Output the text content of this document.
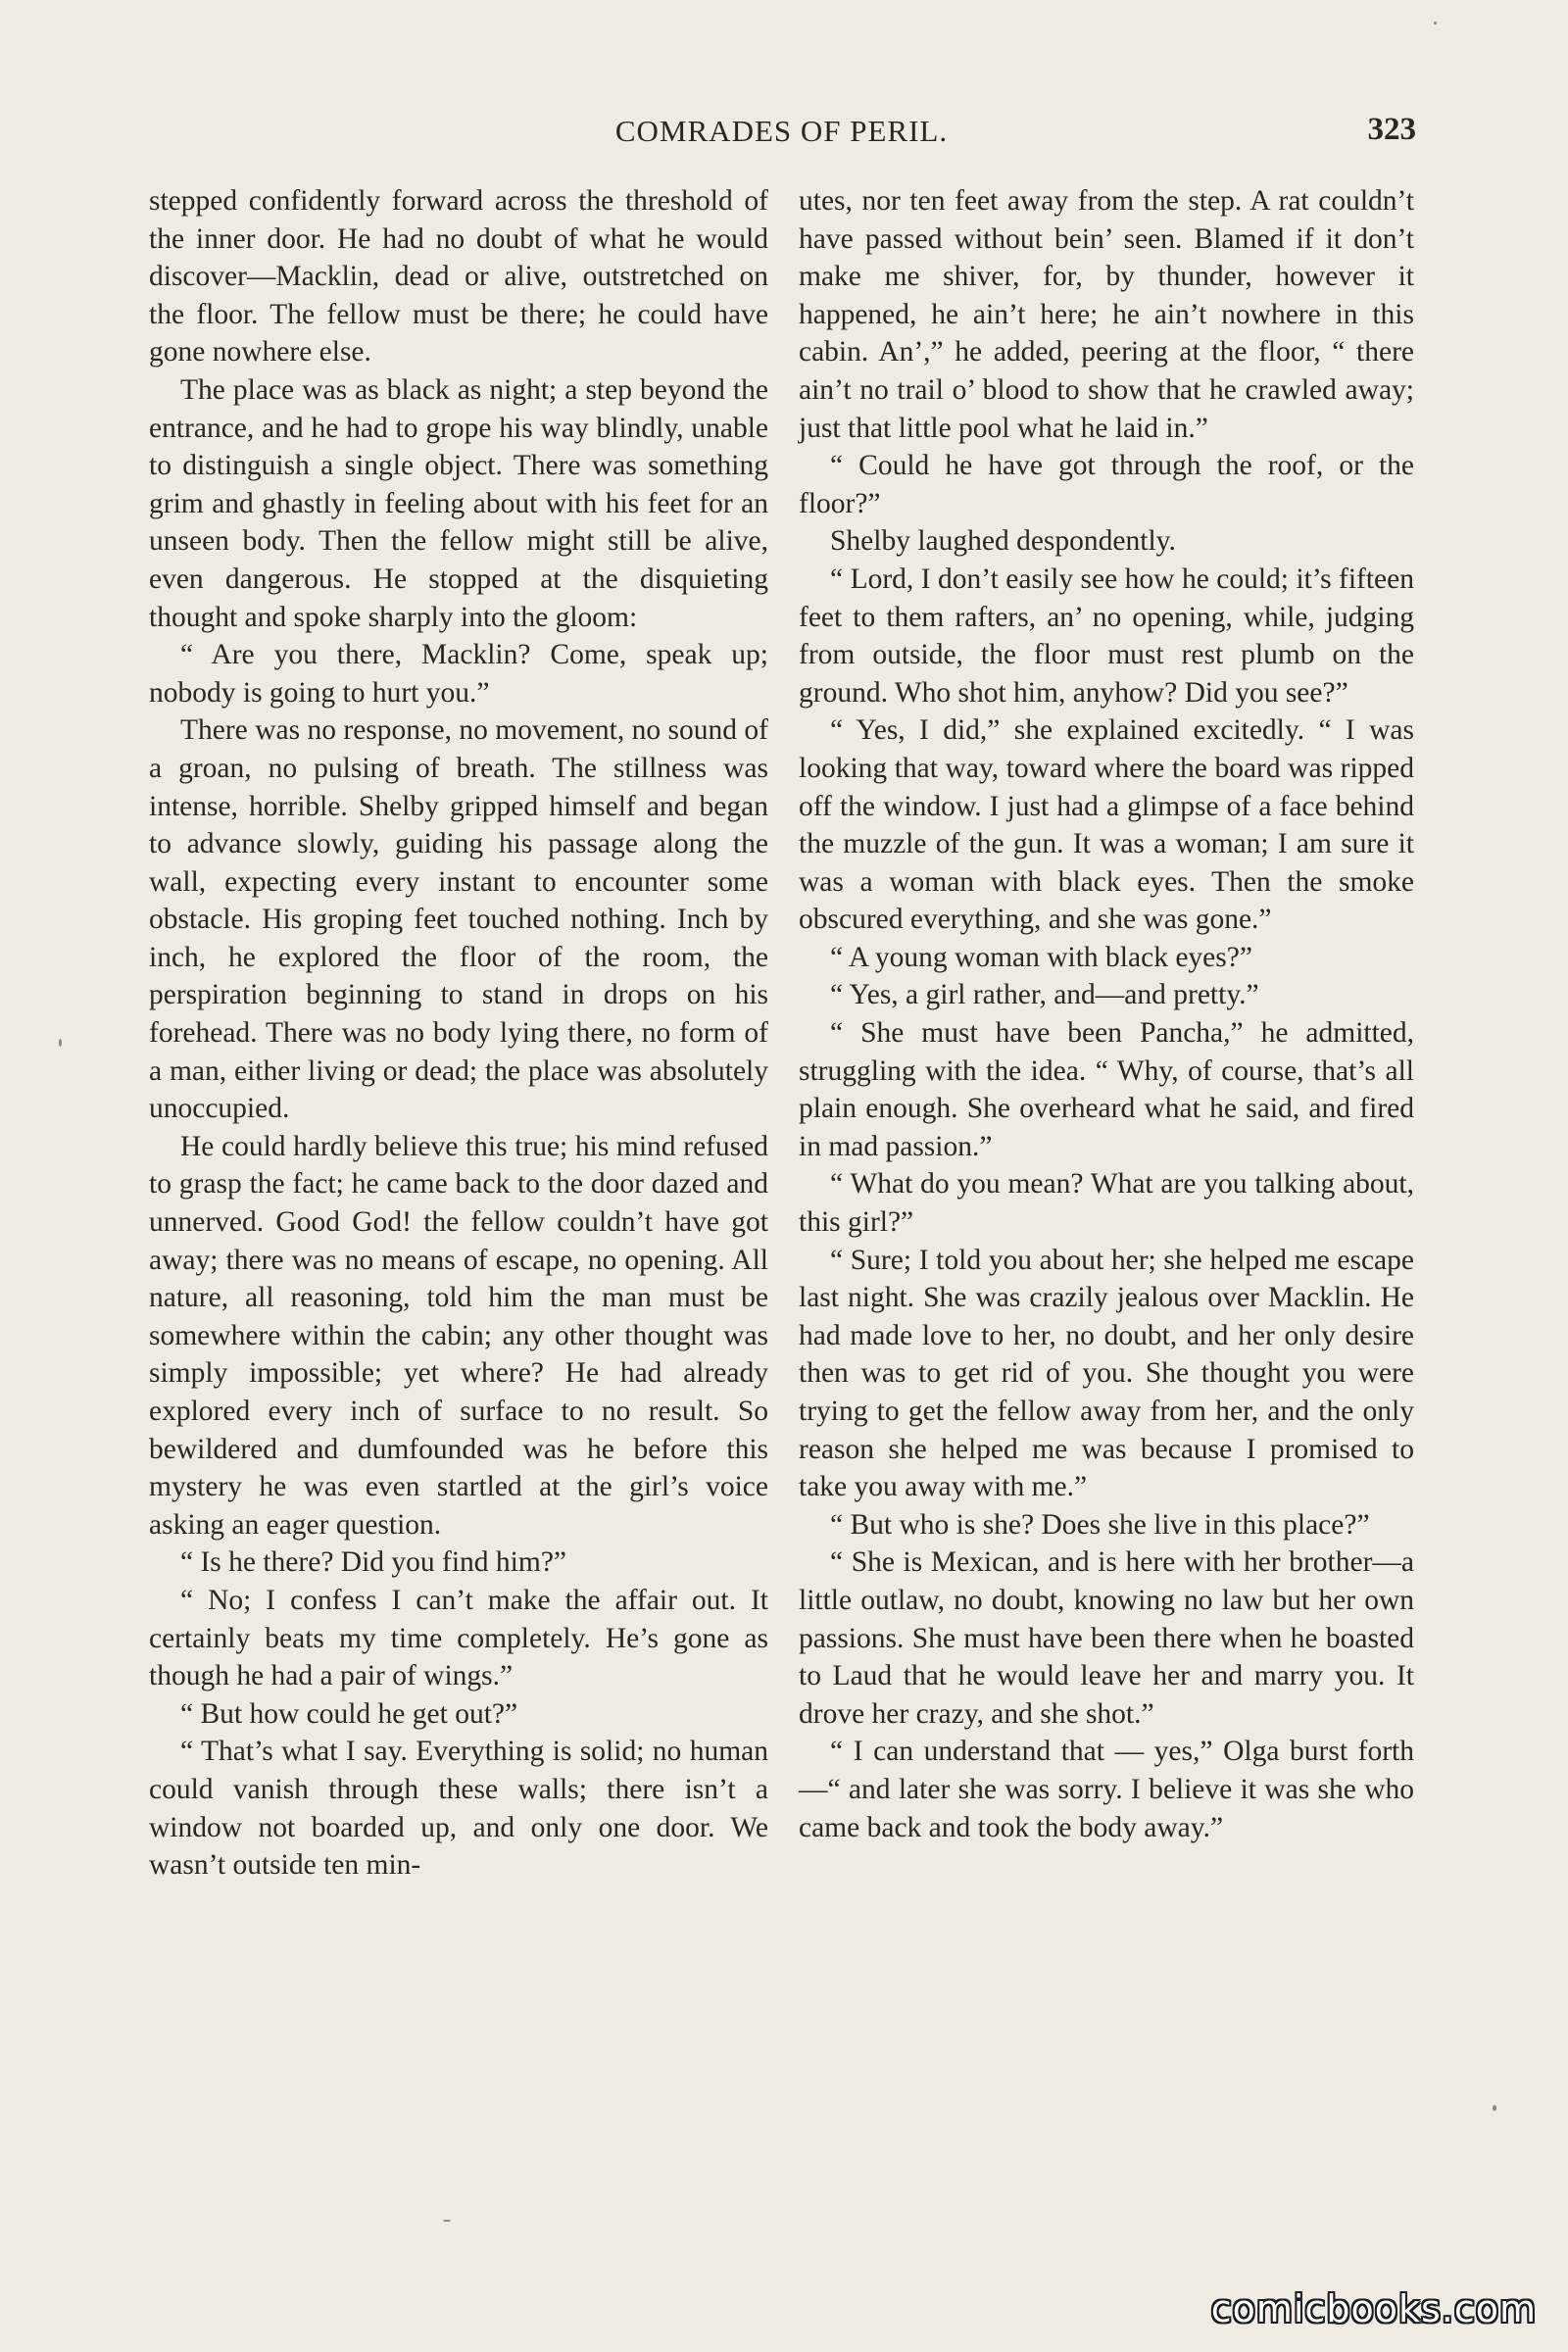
COMRADES OF PERIL.	323

stepped confidently forward across the threshold of the inner door. He had no doubt of what he would discover—Macklin, dead or alive, outstretched on the floor. The fellow must be there; he could have gone nowhere else.

The place was as black as night; a step beyond the entrance, and he had to grope his way blindly, unable to distinguish a single object. There was something grim and ghastly in feeling about with his feet for an unseen body. Then the fellow might still be alive, even dangerous. He stopped at the disquieting thought and spoke sharply into the gloom:

“ Are you there, Macklin? Come, speak up; nobody is going to hurt you.”

There was no response, no movement, no sound of a groan, no pulsing of breath. The stillness was intense, horrible. Shelby gripped himself and began to advance slowly, guiding his passage along the wall, expecting every instant to encounter some obstacle. His groping feet touched nothing. Inch by inch, he explored the floor of the room, the perspiration beginning to stand in drops on his forehead. There was no body lying there, no form of a man, either living or dead; the place was absolutely unoccupied.

He could hardly believe this true; his mind refused to grasp the fact; he came back to the door dazed and unnerved. Good God! the fellow couldn’t have got away; there was no means of escape, no opening. All nature, all reasoning, told him the man must be somewhere within the cabin; any other thought was simply impossible; yet where? He had already explored every inch of surface to no result. So bewildered and dumfounded was he before this mystery he was even startled at the girl’s voice asking an eager question.

“ Is he there? Did you find him?”

“ No; I confess I can’t make the affair out. It certainly beats my time completely. He’s gone as though he had a pair of wings.”

“ But how could he get out?”

“ That’s what I say. Everything is solid; no human could vanish through these walls; there isn’t a window not boarded up, and only one door. We wasn’t outside ten min-

utes, nor ten feet away from the step. A rat couldn’t have passed without bein’ seen. Blamed if it don’t make me shiver, for, by thunder, however it happened, he ain’t here; he ain’t nowhere in this cabin. An’,” he added, peering at the floor, “ there ain’t no trail o’ blood to show that he crawled away; just that little pool what he laid in.”

“ Could he have got through the roof, or the floor?”

Shelby laughed despondently.

“ Lord, I don’t easily see how he could; it’s fifteen feet to them rafters, an’ no opening, while, judging from outside, the floor must rest plumb on the ground. Who shot him, anyhow? Did you see?”

“ Yes, I did,” she explained excitedly. “ I was looking that way, toward where the board was ripped off the window. I just had a glimpse of a face behind the muzzle of the gun. It was a woman; I am sure it was a woman with black eyes. Then the smoke obscured everything, and she was gone.”

“ A young woman with black eyes?”

“ Yes, a girl rather, and—and pretty.”

“ She must have been Pancha,” he admitted, struggling with the idea. “ Why, of course, that’s all plain enough. She overheard what he said, and fired in mad passion.”

“ What do you mean? What are you talking about, this girl?”

“ Sure; I told you about her; she helped me escape last night. She was crazily jealous over Macklin. He had made love to her, no doubt, and her only desire then was to get rid of you. She thought you were trying to get the fellow away from her, and the only reason she helped me was because I promised to take you away with me.”

“ But who is she? Does she live in this place?”

“ She is Mexican, and is here with her brother—a little outlaw, no doubt, knowing no law but her own passions. She must have been there when he boasted to Laud that he would leave her and marry you. It drove her crazy, and she shot.”

“ I can understand that — yes,” Olga burst forth—“ and later she was sorry. I believe it was she who came back and took the body away.”

comicbooks.com
